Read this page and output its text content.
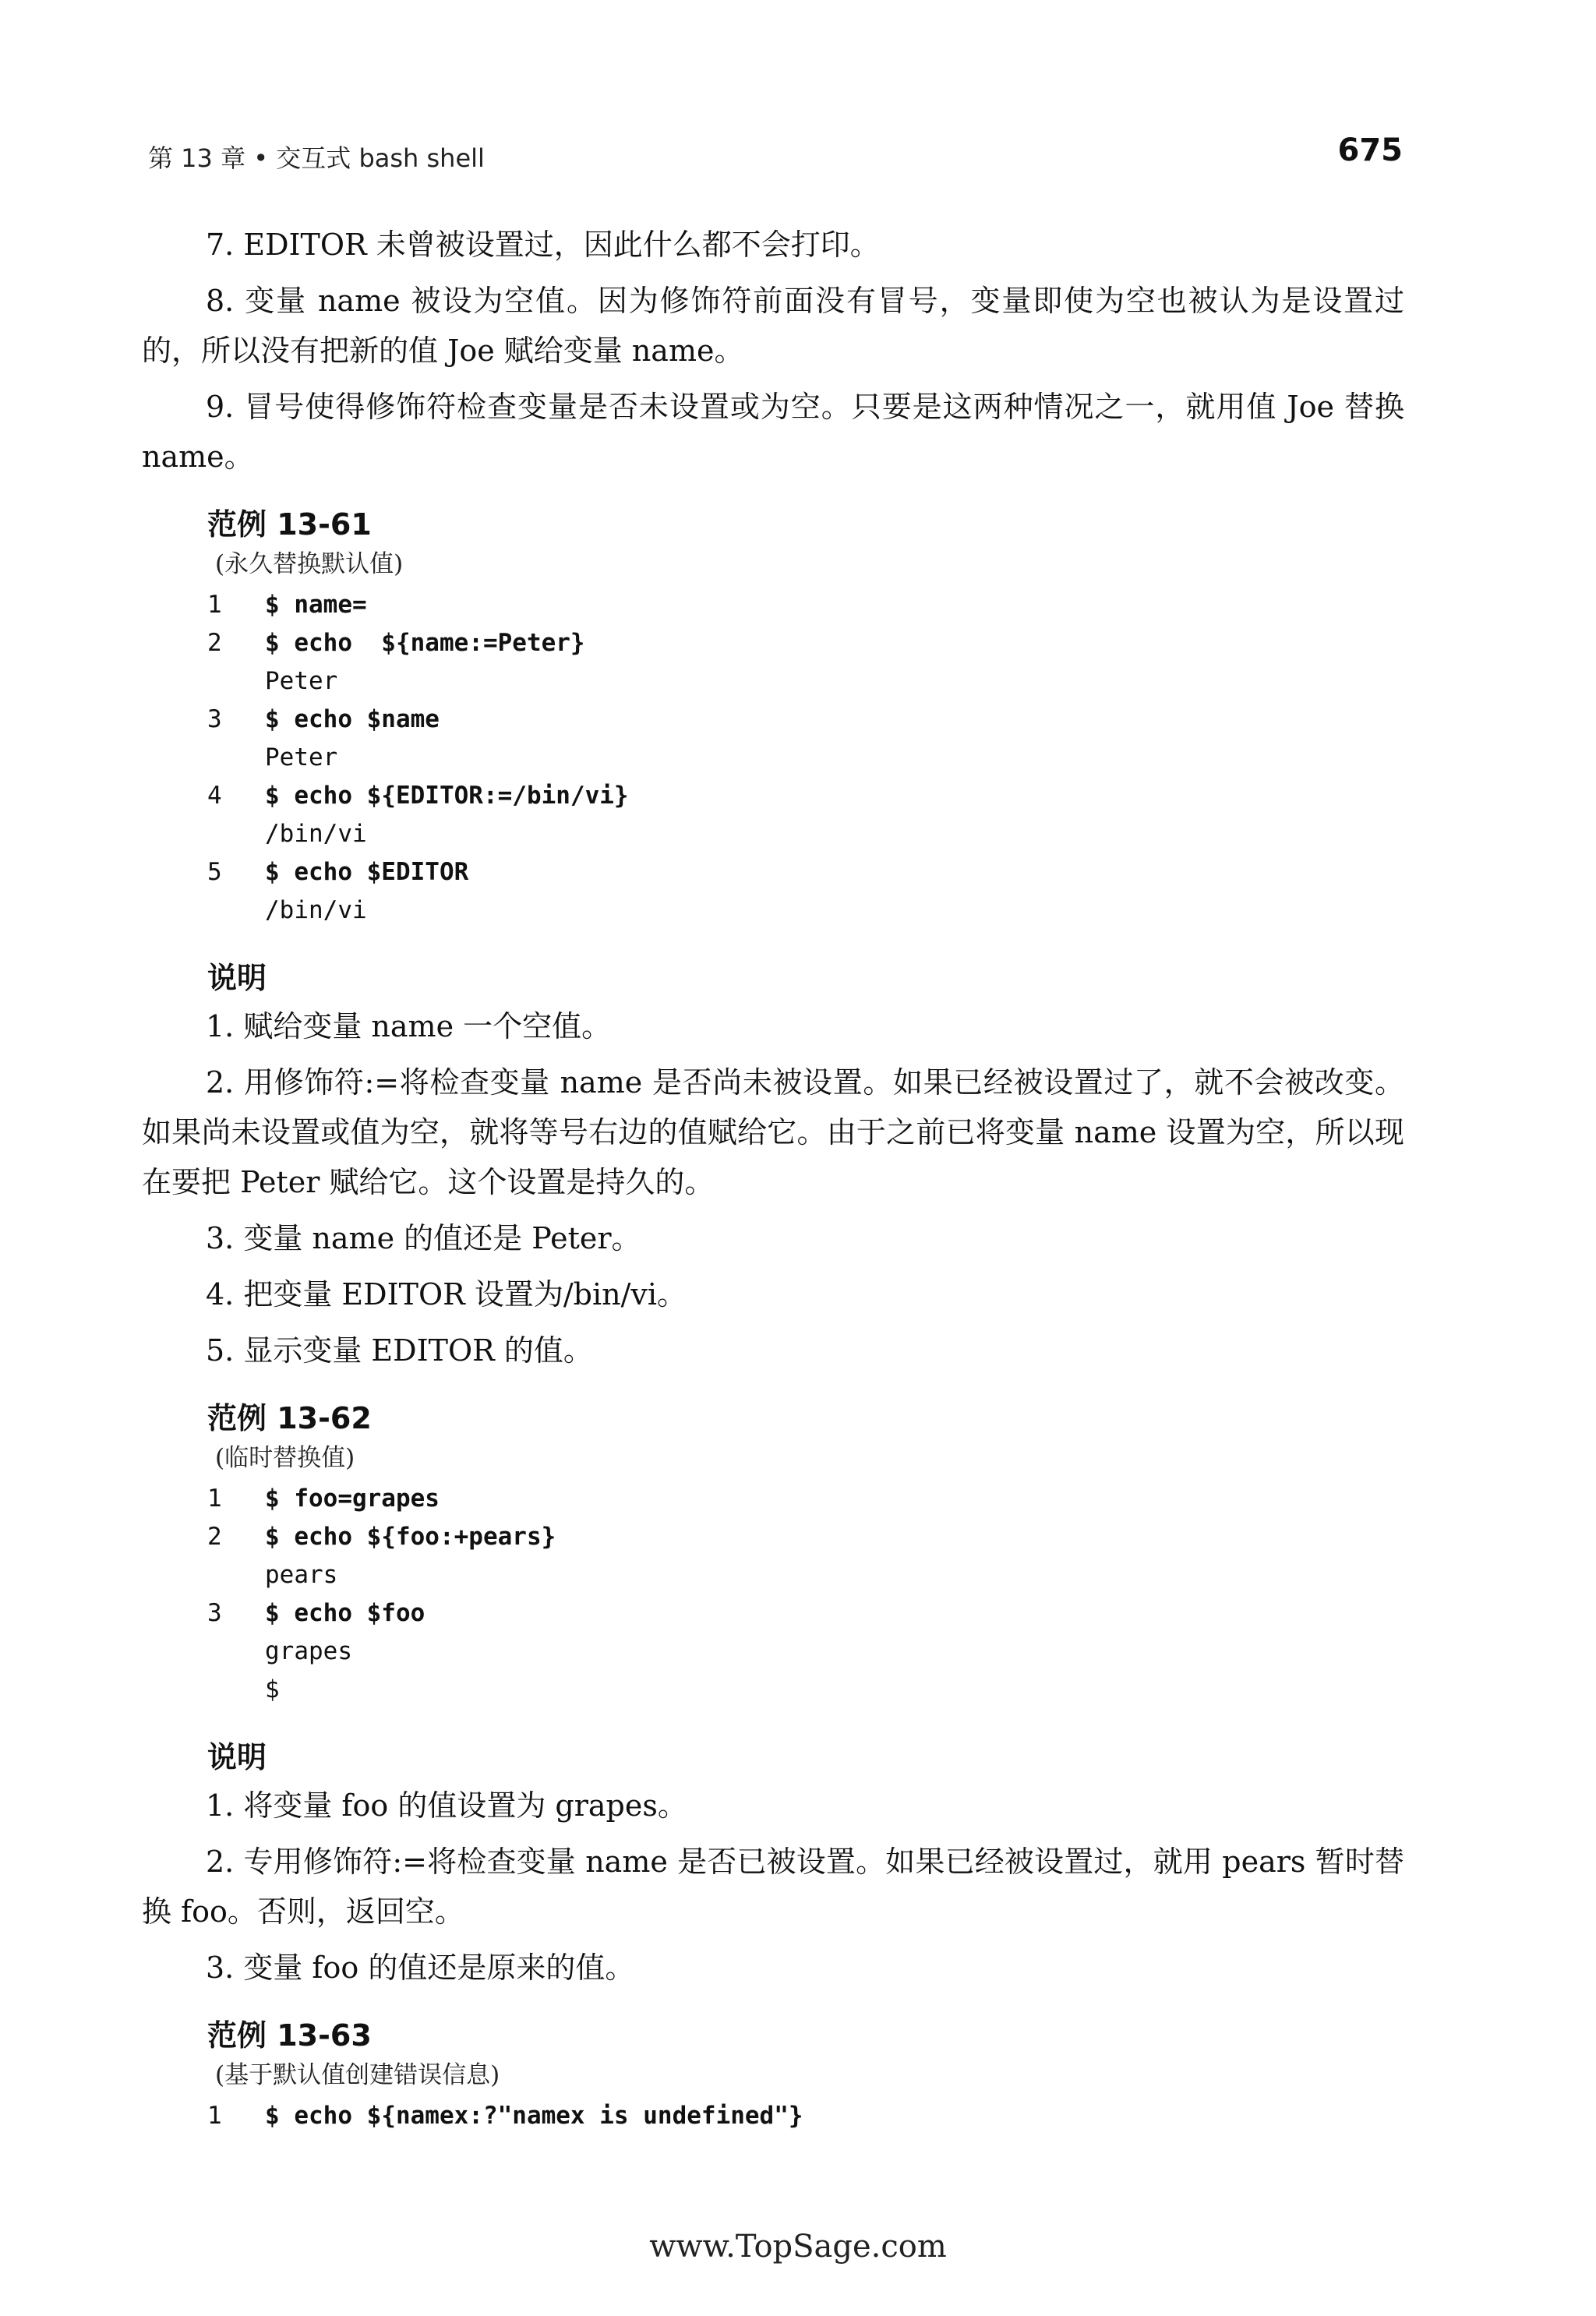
第 13 章 • 交互式 bash shell	675

7. EDITOR 未曾被设置过，因此什么都不会打印。

8. 变量 name 被设为空值。因为修饰符前面没有冒号，变量即使为空也被认为是设置过的，所以没有把新的值 Joe 赋给变量 name。

9. 冒号使得修饰符检查变量是否未设置或为空。只要是这两种情况之一，就用值 Joe 替换 name。

范例 13-61
(永久替换默认值)
1	$ name=
2	$ echo  ${name:=Peter}
Peter
3	$ echo $name
Peter
4	$ echo ${EDITOR:=/bin/vi}
/bin/vi
5	$ echo $EDITOR
/bin/vi
说明

1. 赋给变量 name 一个空值。

2. 用修饰符:=将检查变量 name 是否尚未被设置。如果已经被设置过了，就不会被改变。如果尚未设置或值为空，就将等号右边的值赋给它。由于之前已将变量 name 设置为空，所以现在要把 Peter 赋给它。这个设置是持久的。

3. 变量 name 的值还是 Peter。

4. 把变量 EDITOR 设置为/bin/vi。

5. 显示变量 EDITOR 的值。

范例 13-62
(临时替换值)
1	$ foo=grapes
2	$ echo ${foo:+pears}
pears
3	$ echo $foo
grapes
$
说明

1. 将变量 foo 的值设置为 grapes。

2. 专用修饰符:=将检查变量 name 是否已被设置。如果已经被设置过，就用 pears 暂时替换 foo。否则，返回空。

3. 变量 foo 的值还是原来的值。

范例 13-63
(基于默认值创建错误信息)
1	$ echo ${namex:?"namex is undefined"}
www.TopSage.com
